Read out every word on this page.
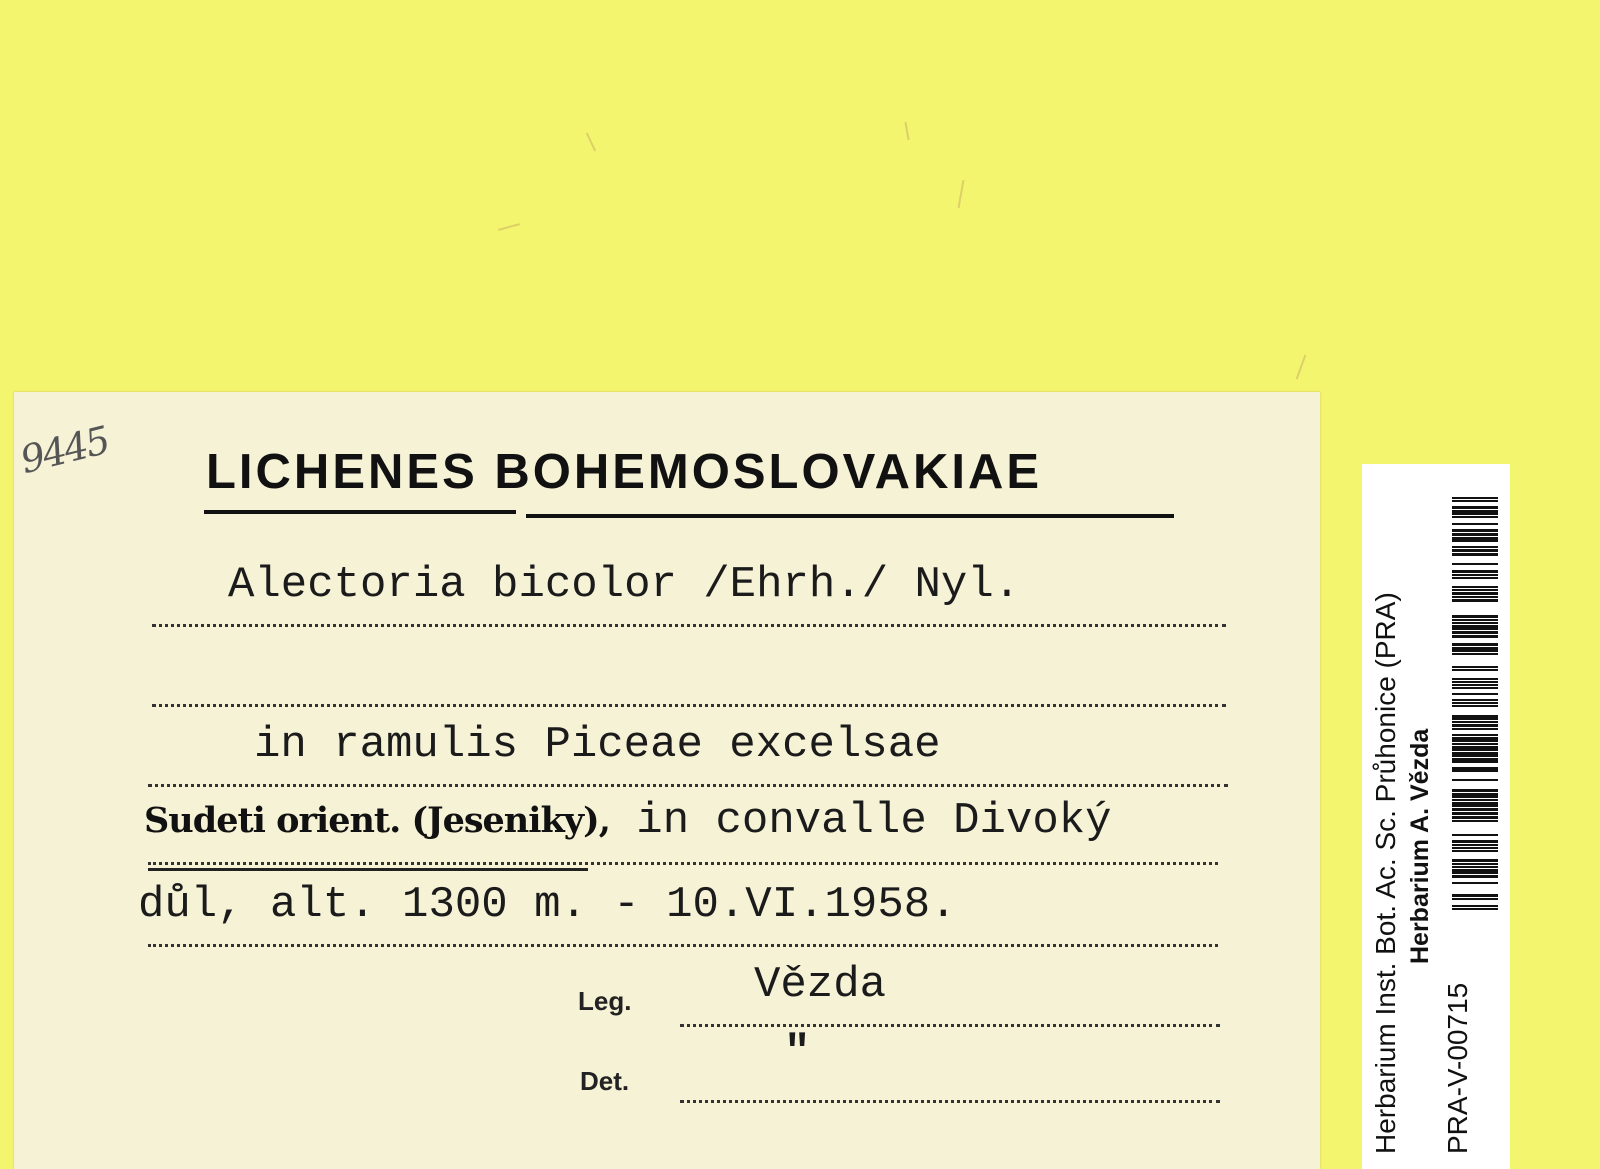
9445 LICHENES BOHEMOSLOVAKIAE
Alectoria bicolor /Ehrh./ Nyl.
in ramulis Piceae excelsae
Sudeti orient. (Jeseniky), in convalle Divoký
důl, alt. 1300 m. - 10.VI.1958.
Leg.	Vězda
Det.
"	Herbarium Inst. Bot. Ac. Sc. Průhonice (PRA) Herbarium A. Vězda
PRA-V-00715
